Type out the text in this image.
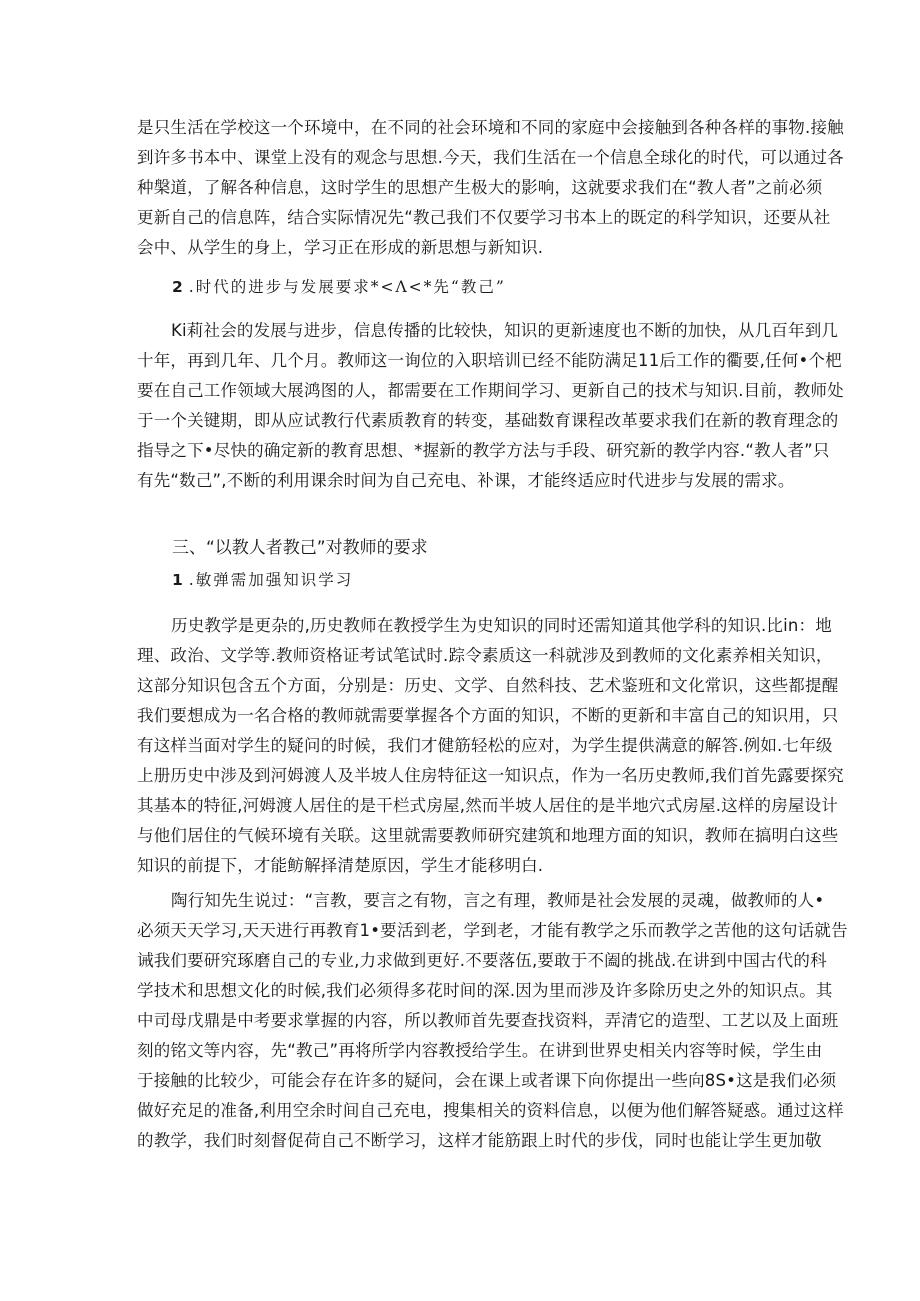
是只生活在学校这一个环境中，在不同的社会环境和不同的家庭中会接触到各种各样的事物.接触
到许多书本中、课堂上没有的观念与思想.今天，我们生活在一个信息全球化的时代，可以通过各
种槃道，了解各种信息，这时学生的思想产生极大的影响，这就要求我们在“教人者”之前必须
更新自己的信息阵，结合实际情况先“教己我们不仅要学习书本上的既定的科学知识，还要从社
会中、从学生的身上，学习正在形成的新思想与新知识.
2 .时代的进步与发展要求*<Λ<*先“教己”
Ki莉社会的发展与进步，信息传播的比较快，知识的更新速度也不断的加快，从几百年到几
十年，再到几年、几个月。教师这一询位的入职培训已经不能防满足11后工作的衢要,任何•个杷
要在自己工作领域大展鸿图的人，都需要在工作期间学习、更新自己的技术与知识.目前，教师处
于一个关键期，即从应试教行代素质教育的转变，基础数育课程改革要求我们在新的教育理念的
指导之下•尽快的确定新的教育思想、*握新的教学方法与手段、研究新的教学内容.“教人者”只
有先“数己”,不断的利用课余时间为自己充电、补课，才能终适应时代进步与发展的需求。
三、“以教人者教己”对教师的要求
1 .敏弹需加强知识学习
历史教学是更杂的,历史教师在教授学生为史知识的同时还需知道其他学科的知识.比in：地
理、政治、文学等.教师资格证考试笔试时.踪令素质这一科就涉及到教师的文化素养相关知识，
这部分知识包含五个方面，分别是：历史、文学、自然科技、艺术鉴班和文化常识，这些都提醒
我们要想成为一名合格的教师就需要掌握各个方面的知识，不断的更新和丰富自己的知识用，只
有这样当面对学生的疑问的时候，我们才健筋轻松的应对，为学生提供满意的解答.例如.七年级
上册历史中涉及到河姆渡人及半坡人住房特征这一知识点，作为一名历史教师,我们首先露要探究
其基本的特征,河姆渡人居住的是干栏式房屋,然而半坡人居住的是半地穴式房屋.这样的房屋设计
与他们居住的气候环境有关联。这里就需要教师研究建筑和地理方面的知识，教师在搞明白这些
知识的前提下，才能鲂解择清楚原因，学生才能移明白.
陶行知先生说过：“言教，要言之有物，言之有理，教师是社会发展的灵魂，做教师的人•
必须天天学习,天天进行再教育1•要活到老，学到老，才能有教学之乐而教学之苦他的这句话就告
诫我们要研究琢磨自己的专业,力求做到更好.不要落伍,要敢于不阖的挑战.在讲到中国古代的科
学技术和思想文化的时候,我们必须得多花时间的深.因为里而涉及许多除历史之外的知识点。其
中司母戊鼎是中考要求掌握的内容，所以教师首先要查找资料，弄清它的造型、工艺以及上面班
刻的铭文等内容，先“教己”再将所学内容教授给学生。在讲到世界史相关内容等时候，学生由
于接触的比较少，可能会存在许多的疑问，会在课上或者课下向你提出一些向8S•这是我们必须
做好充足的准备,利用空余时间自己充电，搜集相关的资料信息，以便为他们解答疑惑。通过这样
的教学，我们时刻督促荷自己不断学习，这样才能筋跟上时代的步伐，同时也能让学生更加敬
